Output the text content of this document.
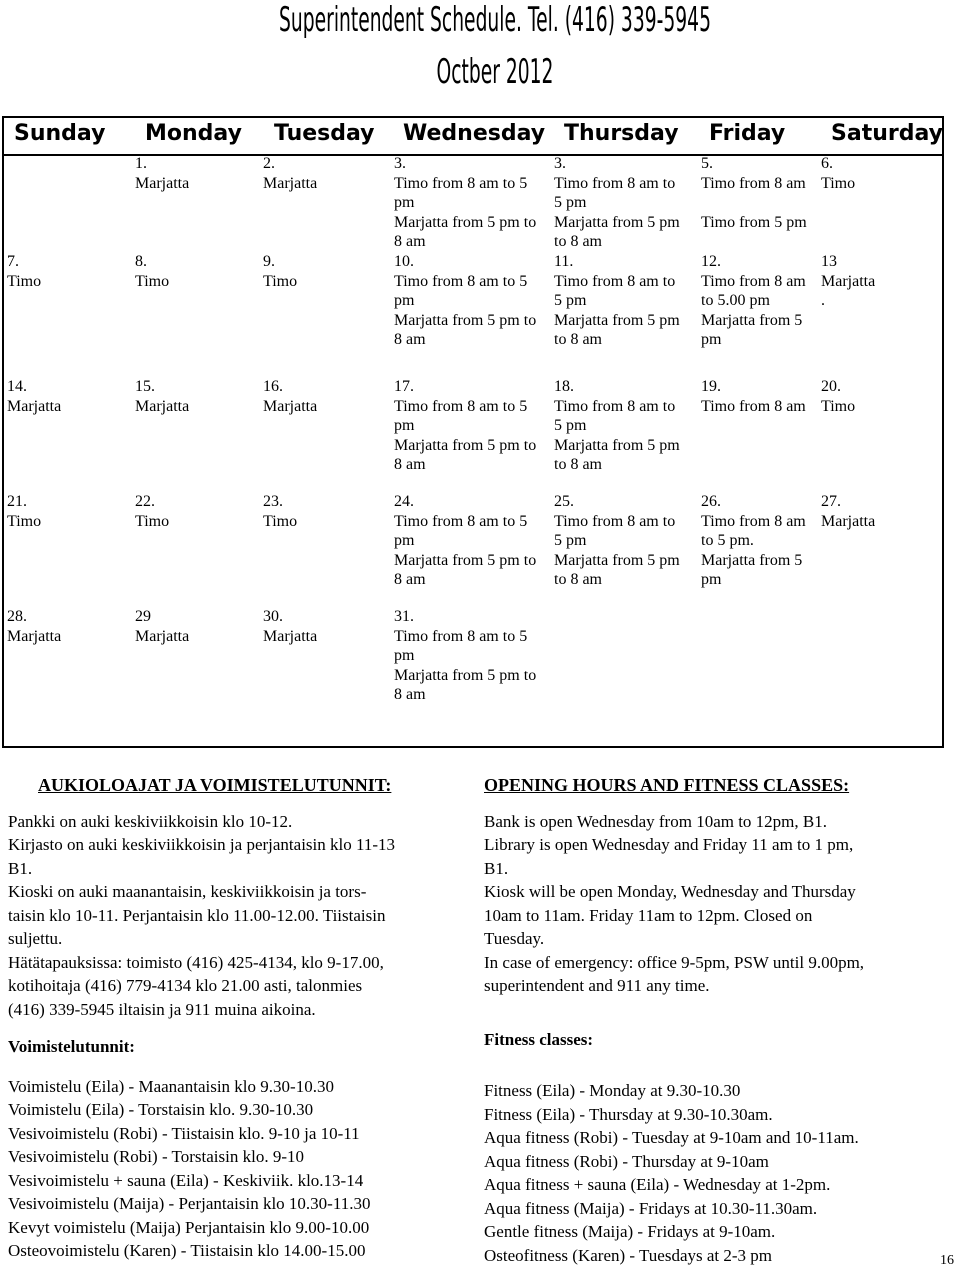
Superintendent Schedule. Tel. (416) 339-5945
Octber 2012
Sunday Monday Tuesday Wednesday Thursday Friday Saturday
1.
Marjatta
2.
Marjatta
3.
Timo from 8 am to 5
pm
Marjatta from 5 pm to
8 am
3.
Timo from 8 am to
5 pm
Marjatta from 5 pm
to 8 am
5.
Timo from 8 am

Timo from 5 pm
6.
Timo
7.
Timo
8.
Timo
9.
Timo
10.
Timo from 8 am to 5
pm
Marjatta from 5 pm to
8 am
11.
Timo from 8 am to
5 pm
Marjatta from 5 pm
to 8 am
12.
Timo from 8 am
to 5.00 pm
Marjatta from 5
pm
13
Marjatta
.
14.
Marjatta
15.
Marjatta
16.
Marjatta
17.
Timo from 8 am to 5
pm
Marjatta from 5 pm to
8 am
18.
Timo from 8 am to
5 pm
Marjatta from 5 pm
to 8 am
19.
Timo from 8 am
20.
Timo
21.
Timo
22.
Timo
23.
Timo
24.
Timo from 8 am to 5
pm
Marjatta from 5 pm to
8 am
25.
Timo from 8 am to
5 pm
Marjatta from 5 pm
to 8 am
26.
Timo from 8 am
to 5 pm.
Marjatta from 5
pm
27.
Marjatta
28.
Marjatta
29
Marjatta
30.
Marjatta
31.
Timo from 8 am to 5
pm
Marjatta from 5 pm to
8 am
AUKIOLOAJAT JA VOIMISTELUTUNNIT:
Pankki on auki keskiviikkoisin klo 10-12.
Kirjasto on auki keskiviikkoisin ja perjantaisin klo 11-13
B1.
Kioski on auki maanantaisin, keskiviikkoisin ja tors-
taisin klo 10-11. Perjantaisin klo 11.00-12.00. Tiistaisin
suljettu.
Hätätapauksissa: toimisto (416) 425-4134, klo 9-17.00,
kotihoitaja (416) 779-4134 klo 21.00 asti, talonmies
(416) 339-5945 iltaisin ja 911 muina aikoina.
Voimistelutunnit:
Voimistelu (Eila) - Maanantaisin klo 9.30-10.30
Voimistelu (Eila) - Torstaisin klo. 9.30-10.30
Vesivoimistelu (Robi) - Tiistaisin klo. 9-10 ja 10-11
Vesivoimistelu (Robi) - Torstaisin klo. 9-10
Vesivoimistelu + sauna (Eila) - Keskiviik. klo.13-14
Vesivoimistelu (Maija) - Perjantaisin klo 10.30-11.30
Kevyt voimistelu (Maija) Perjantaisin klo 9.00-10.00
Osteovoimistelu (Karen) - Tiistaisin klo 14.00-15.00
OPENING HOURS AND FITNESS CLASSES:
Bank is open Wednesday from 10am to 12pm, B1.
Library is open Wednesday and Friday 11 am to 1 pm,
B1.
Kiosk will be open Monday, Wednesday and Thursday
10am to 11am. Friday 11am to 12pm. Closed on
Tuesday.
In case of emergency: office 9-5pm, PSW until 9.00pm,
superintendent and 911 any time.
Fitness classes:
Fitness (Eila) - Monday at 9.30-10.30
Fitness (Eila) - Thursday at 9.30-10.30am.
Aqua fitness (Robi) - Tuesday at 9-10am and 10-11am.
Aqua fitness (Robi) - Thursday at 9-10am
Aqua fitness + sauna (Eila) - Wednesday at 1-2pm.
Aqua fitness (Maija) - Fridays at 10.30-11.30am.
Gentle fitness (Maija) - Fridays at 9-10am.
Osteofitness (Karen) - Tuesdays at 2-3 pm	16
